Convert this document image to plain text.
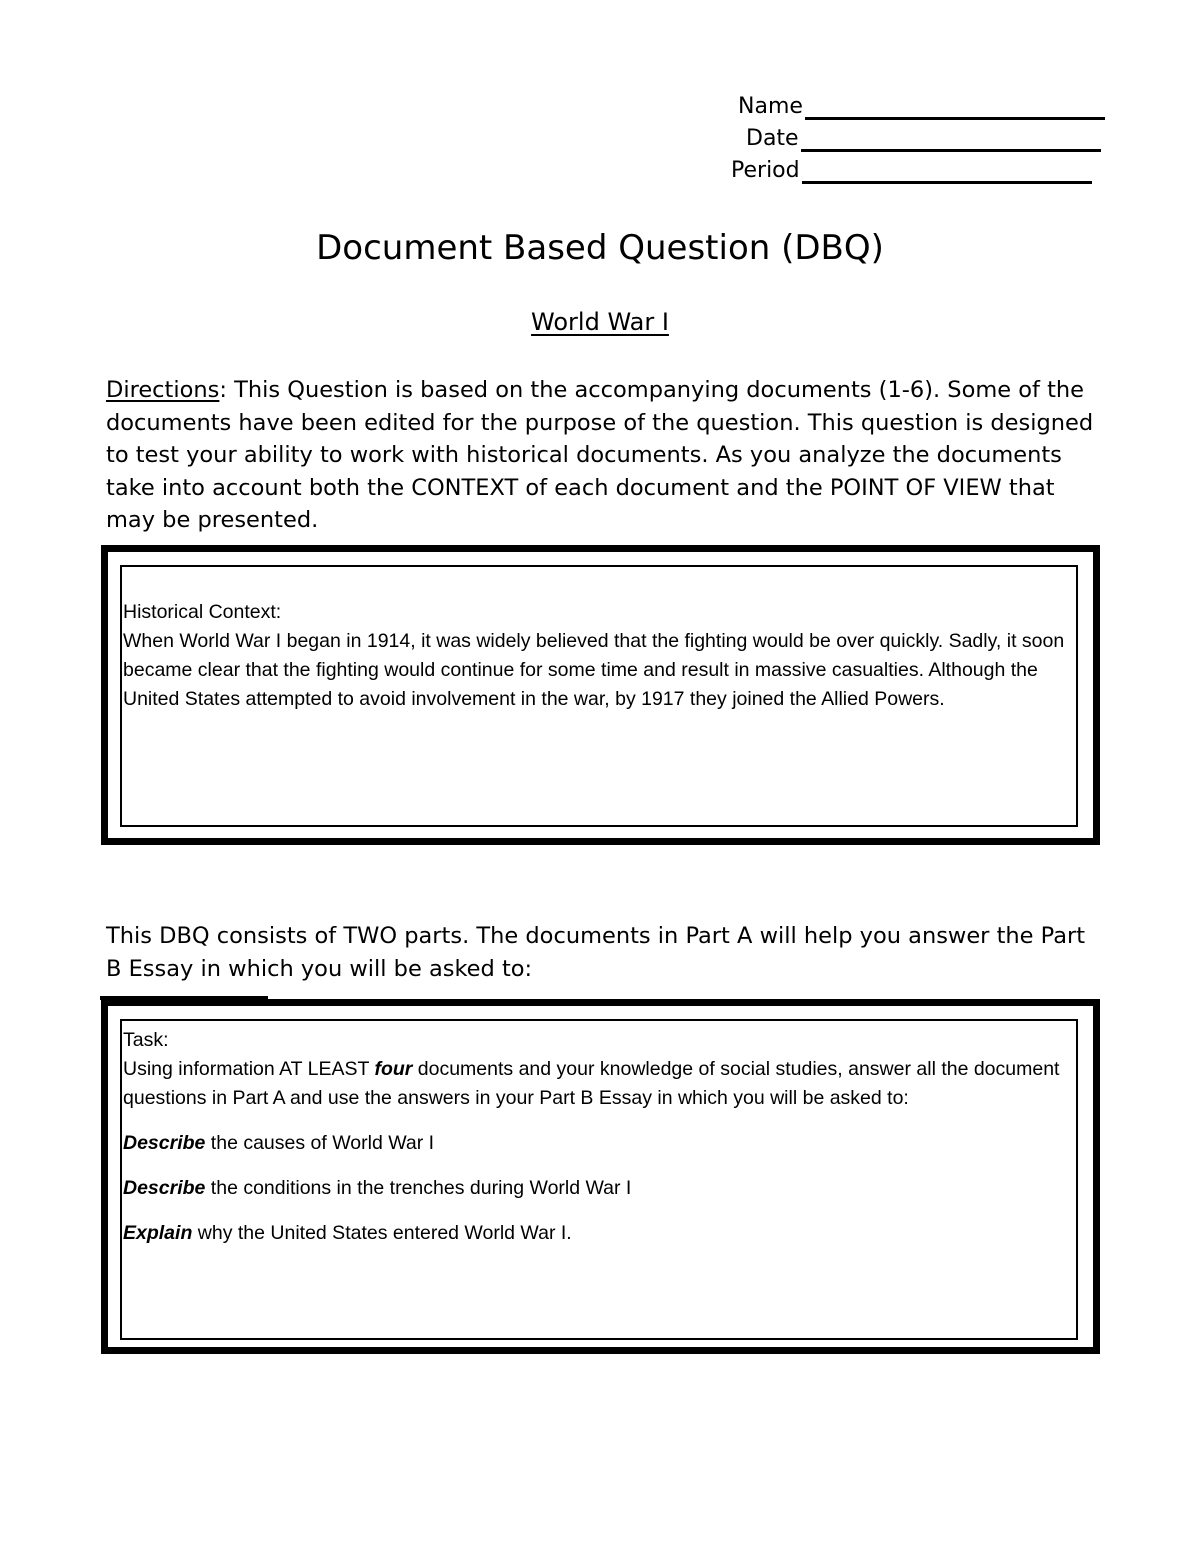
Name
Date
Period
Document Based Question (DBQ)
World War I
Directions: This Question is based on the accompanying documents (1-6). Some of the documents have been edited for the purpose of the question. This question is designed to test your ability to work with historical documents. As you analyze the documents take into account both the CONTEXT of each document and the POINT OF VIEW that may be presented.

Historical Context:

When World War I began in 1914, it was widely believed that the fighting would be over quickly. Sadly, it soon became clear that the fighting would continue for some time and result in massive casualties. Although the United States attempted to avoid involvement in the war, by 1917 they joined the Allied Powers.

This DBQ consists of TWO parts. The documents in Part A will help you answer the Part B Essay in which you will be asked to:

Task:

Using information AT LEAST four documents and your knowledge of social studies, answer all the document questions in Part A and use the answers in your Part B Essay in which you will be asked to:

Describe the causes of World War I

Describe the conditions in the trenches during World War I

Explain why the United States entered World War I.
